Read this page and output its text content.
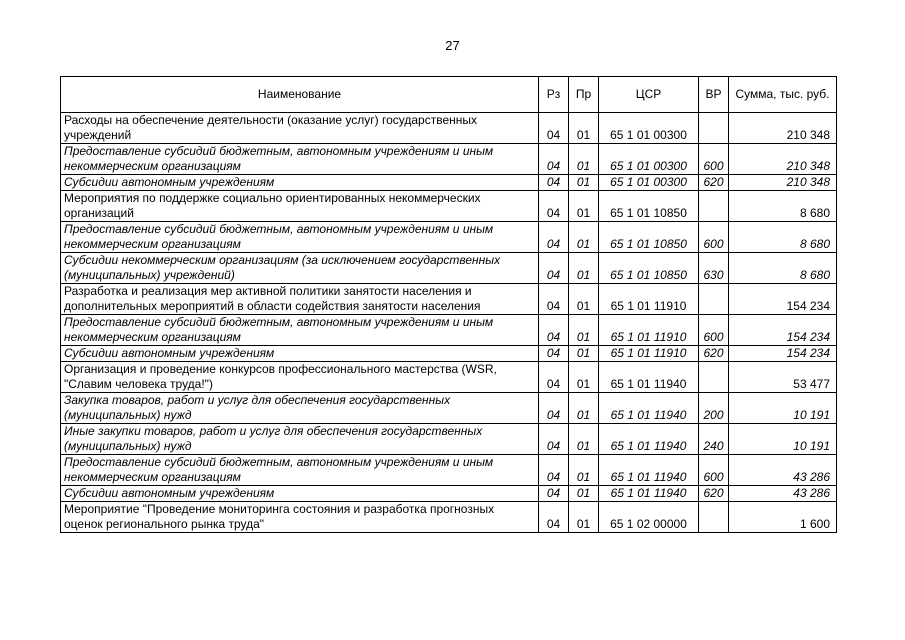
27
Наименование	Рз	Пр	ЦСР	ВР	Сумма, тыс. руб.
Расходы на обеспечение деятельности (оказание услуг) государственных учреждений	04	01	65 1 01 00300		210 348
Предоставление субсидий бюджетным, автономным учреждениям и иным некоммерческим организациям	04	01	65 1 01 00300	600	210 348
Субсидии автономным учреждениям	04	01	65 1 01 00300	620	210 348
Мероприятия по поддержке социально ориентированных некоммерческих организаций	04	01	65 1 01 10850		8 680
Предоставление субсидий бюджетным, автономным учреждениям и иным некоммерческим организациям	04	01	65 1 01 10850	600	8 680
Субсидии некоммерческим организациям (за исключением государственных (муниципальных) учреждений)	04	01	65 1 01 10850	630	8 680
Разработка и реализация мер активной политики занятости населения и дополнительных мероприятий в области содействия занятости населения	04	01	65 1 01 11910		154 234
Предоставление субсидий бюджетным, автономным учреждениям и иным некоммерческим организациям	04	01	65 1 01 11910	600	154 234
Субсидии автономным учреждениям	04	01	65 1 01 11910	620	154 234
Организация и проведение конкурсов профессионального мастерства (WSR, "Славим человека труда!")	04	01	65 1 01 11940		53 477
Закупка товаров, работ и услуг для обеспечения государственных (муниципальных) нужд	04	01	65 1 01 11940	200	10 191
Иные закупки товаров, работ и услуг для обеспечения государственных (муниципальных) нужд	04	01	65 1 01 11940	240	10 191
Предоставление субсидий бюджетным, автономным учреждениям и иным некоммерческим организациям	04	01	65 1 01 11940	600	43 286
Субсидии автономным учреждениям	04	01	65 1 01 11940	620	43 286
Мероприятие "Проведение мониторинга состояния и разработка прогнозных оценок регионального рынка труда"	04	01	65 1 02 00000		1 600
